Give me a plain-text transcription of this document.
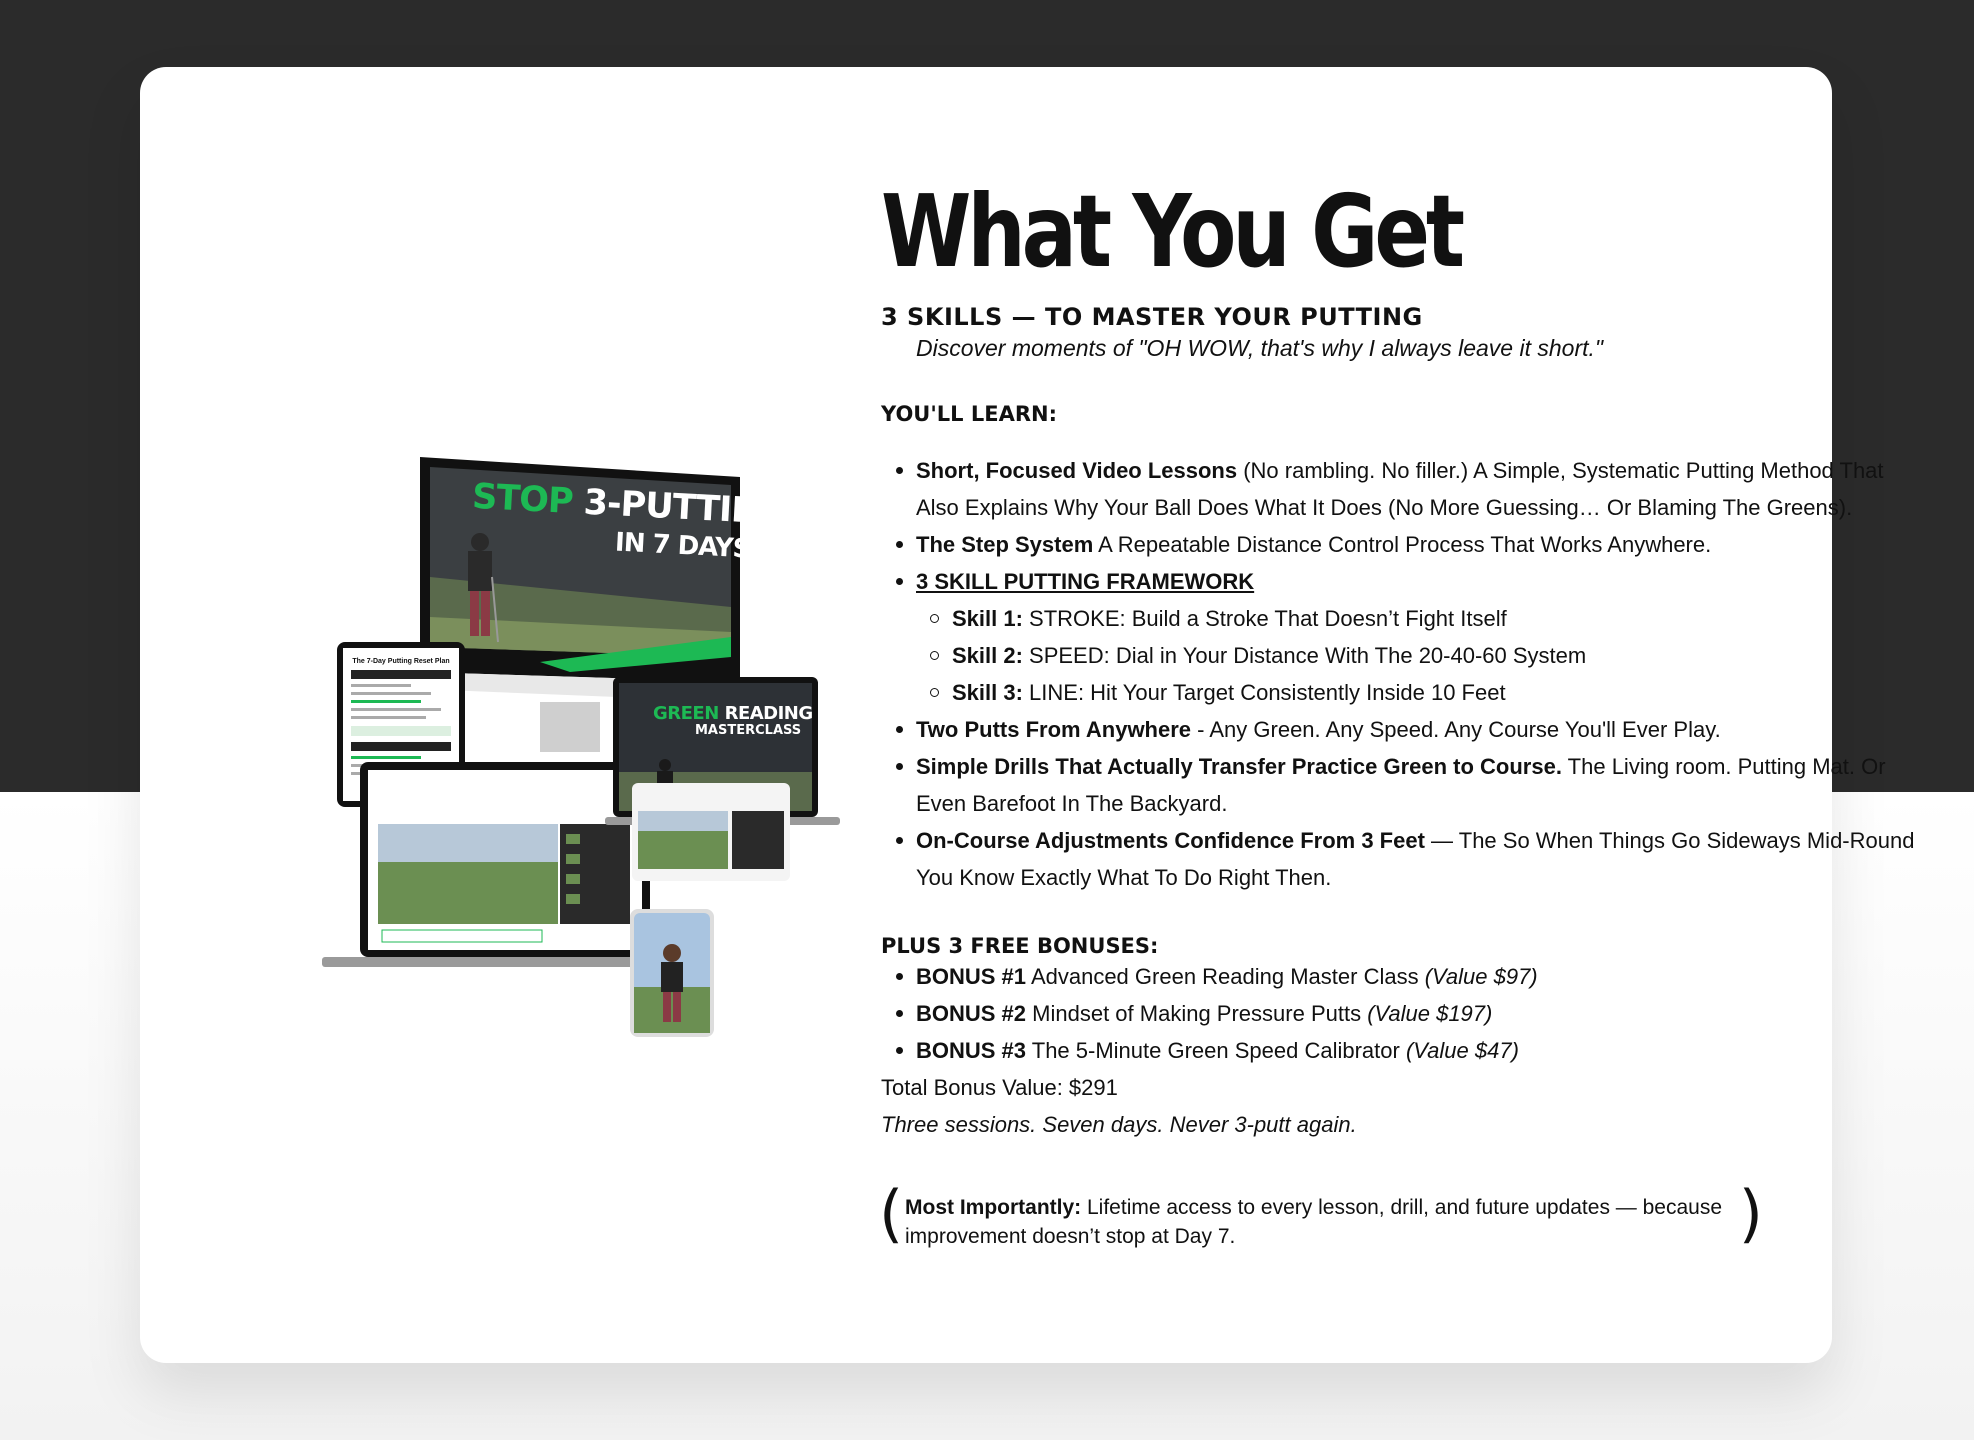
STOP 3-PUTTING
IN 7 DAYS
The 7-Day Putting Reset Plan
GREEN READING
MASTERCLASS
What You Get
3 SKILLS — TO MASTER YOUR PUTTING
Discover moments of "OH WOW, that's why I always leave it short."
YOU'LL LEARN:
Short, Focused Video Lessons (No rambling. No filler.) A Simple, Systematic Putting Method That Also Explains Why Your Ball Does What It Does (No More Guessing… Or Blaming The Greens).
The Step System A Repeatable Distance Control Process That Works Anywhere.
3 SKILL PUTTING FRAMEWORK
Skill 1: STROKE: Build a Stroke That Doesn’t Fight Itself
Skill 2: SPEED: Dial in Your Distance With The 20-40-60 System
Skill 3: LINE: Hit Your Target Consistently Inside 10 Feet
Two Putts From Anywhere - Any Green. Any Speed. Any Course You'll Ever Play.
Simple Drills That Actually Transfer Practice Green to Course. The Living room. Putting Mat. Or Even Barefoot In The Backyard.
On-Course Adjustments Confidence From 3 Feet — The So When Things Go Sideways Mid-Round You Know Exactly What To Do Right Then.
PLUS 3 FREE BONUSES:
BONUS #1 Advanced Green Reading Master Class (Value $97)
BONUS #2 Mindset of Making Pressure Putts (Value $197)
BONUS #3 The 5-Minute Green Speed Calibrator (Value $47)
Total Bonus Value: $291
Three sessions. Seven days. Never 3-putt again.
( Most Importantly: Lifetime access to every lesson, drill, and future updates — because improvement doesn’t stop at Day 7.	)
